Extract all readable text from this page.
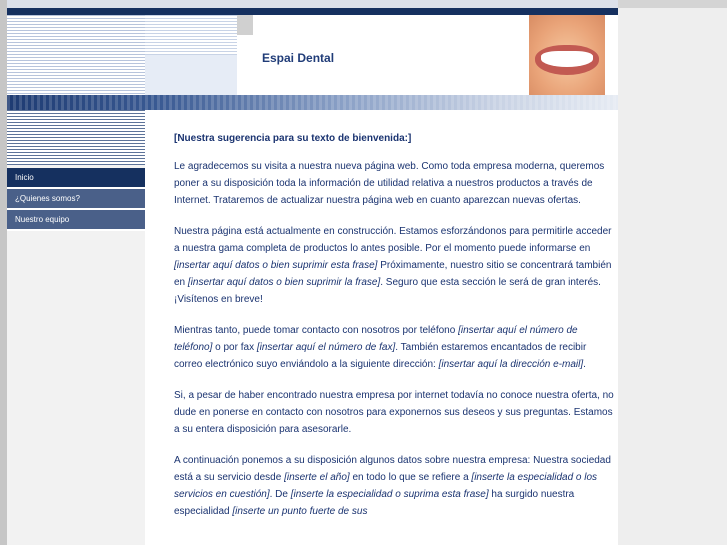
Espai Dental
Inicio
¿Quienes somos?
Nuestro equipo
[Nuestra sugerencia para su texto de bienvenida:]

Le agradecemos su visita a nuestra nueva página web. Como toda empresa moderna, queremos poner a su disposición toda la información de utilidad relativa a nuestros productos a través de Internet. Trataremos de actualizar nuestra página web en cuanto aparezcan nuevas ofertas.

Nuestra página está actualmente en construcción. Estamos esforzándonos para permitirle acceder a nuestra gama completa de productos lo antes posible. Por el momento puede informarse en [insertar aquí datos o bien suprimir esta frase] Próximamente, nuestro sitio se concentrará también en [insertar aquí datos o bien suprimir la frase]. Seguro que esta sección le será de gran interés. ¡Visítenos en breve!

Mientras tanto, puede tomar contacto con nosotros por teléfono [insertar aquí el número de teléfono] o por fax [insertar aquí el número de fax]. También estaremos encantados de recibir correo electrónico suyo enviándolo a la siguiente dirección: [insertar aquí la dirección e-mail].

Si, a pesar de haber encontrado nuestra empresa por internet todavía no conoce nuestra oferta, no dude en ponerse en contacto con nosotros para exponernos sus deseos y sus preguntas. Estamos a su entera disposición para asesorarle.

A continuación ponemos a su disposición algunos datos sobre nuestra empresa: Nuestra sociedad está a su servicio desde [inserte el año] en todo lo que se refiere a [inserte la especialidad o los servicios en cuestión]. De [inserte la especialidad o suprima esta frase] ha surgido nuestra especialidad [inserte un punto fuerte de sus
